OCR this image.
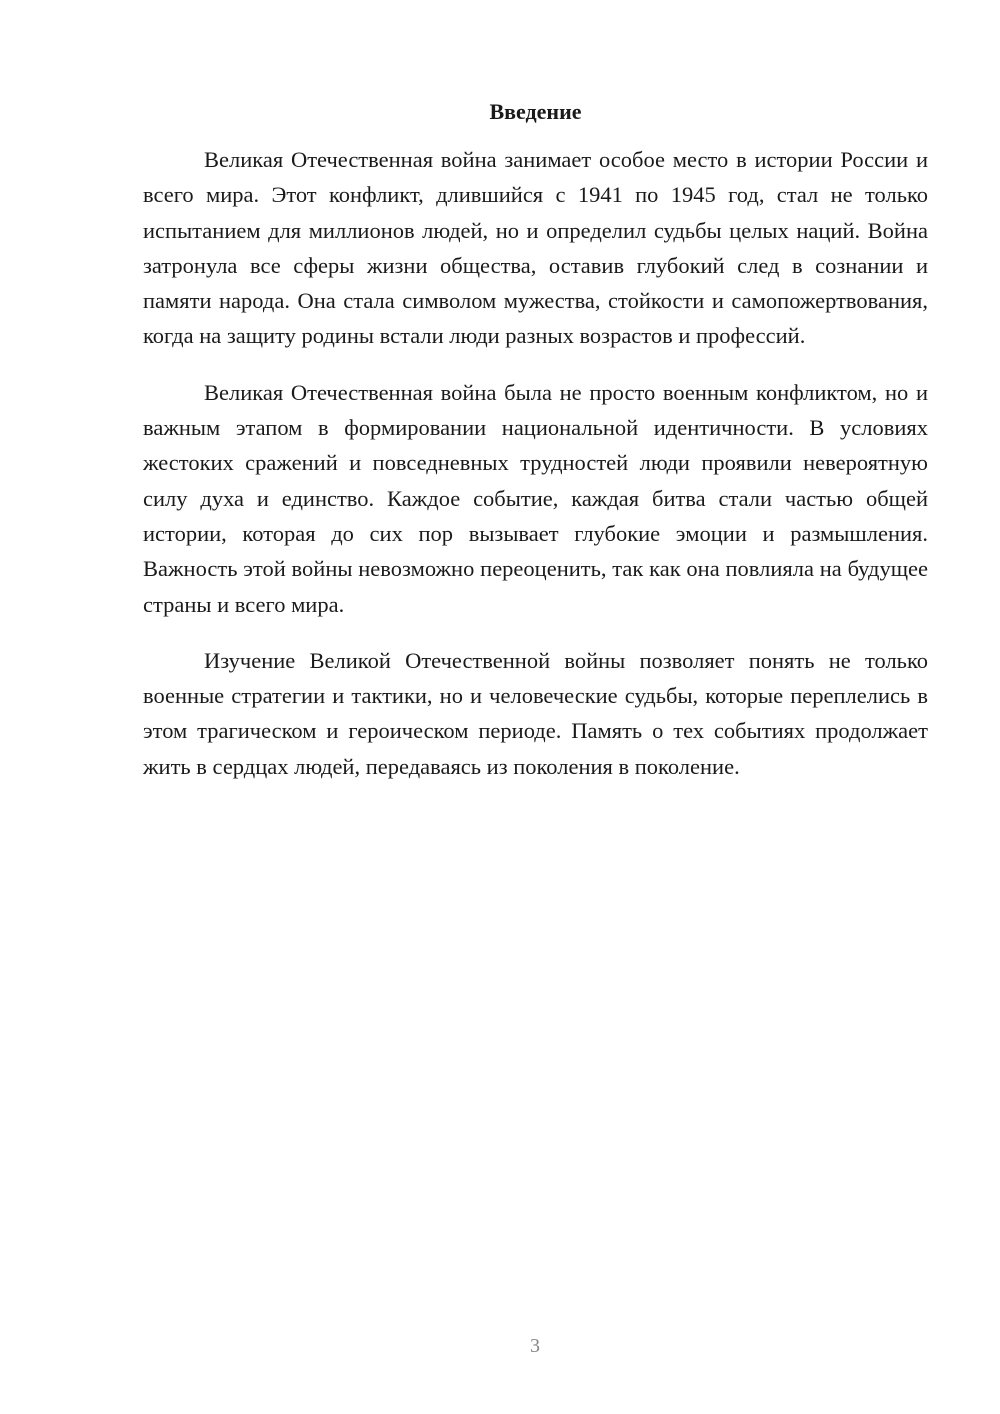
Введение

Великая Отечественная война занимает особое место в истории России и всего мира. Этот конфликт, длившийся с 1941 по 1945 год, стал не только испытанием для миллионов людей, но и определил судьбы целых наций. Война затронула все сферы жизни общества, оставив глубокий след в сознании и памяти народа. Она стала символом мужества, стойкости и самопожертвования, когда на защиту родины встали люди разных возрастов и профессий.

Великая Отечественная война была не просто военным конфликтом, но и важным этапом в формировании национальной идентичности. В условиях жестоких сражений и повседневных трудностей люди проявили невероятную силу духа и единство. Каждое событие, каждая битва стали частью общей истории, которая до сих пор вызывает глубокие эмоции и размышления. Важность этой войны невозможно переоценить, так как она повлияла на будущее страны и всего мира.

Изучение Великой Отечественной войны позволяет понять не только военные стратегии и тактики, но и человеческие судьбы, которые переплелись в этом трагическом и героическом периоде. Память о тех событиях продолжает жить в сердцах людей, передаваясь из поколения в поколение.

3
